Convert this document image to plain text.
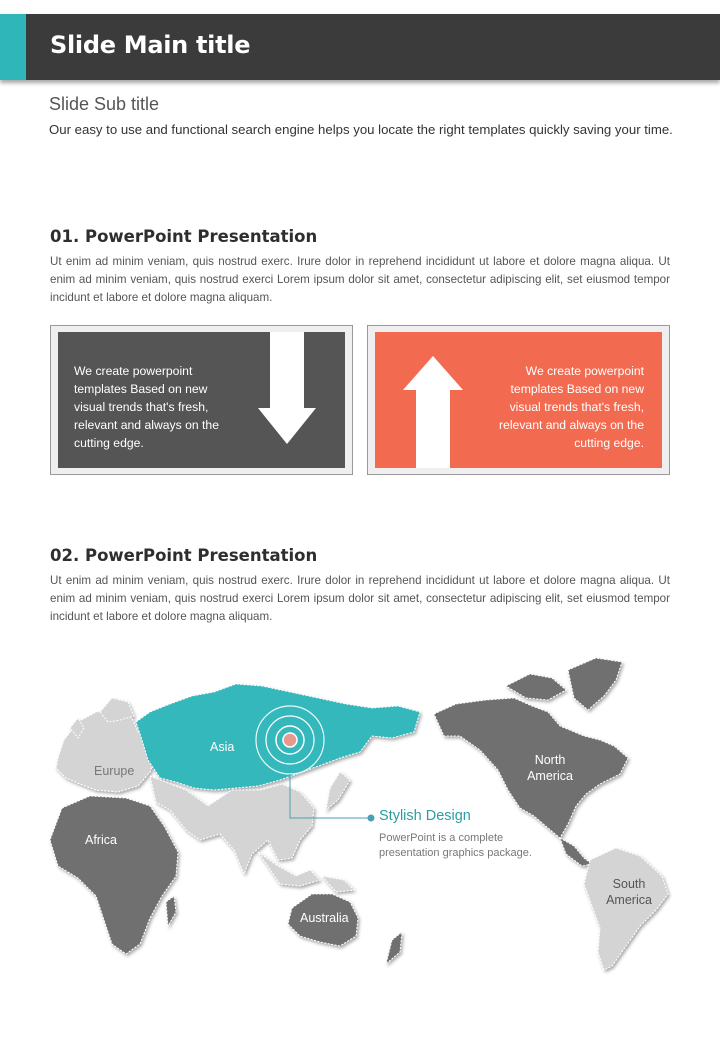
Slide Main title
Slide Sub title
Our easy to use and functional search engine helps you locate the right templates quickly saving your time.
01. PowerPoint Presentation
Ut enim ad minim veniam, quis nostrud exerc. Irure dolor in reprehend incididunt ut labore et dolore magna aliqua. Ut enim ad minim veniam, quis nostrud exerci Lorem ipsum dolor sit amet, consectetur adipiscing elit, set eiusmod tempor incidunt et labore et dolore magna aliquam.
We create powerpoint
templates Based on new
visual trends that's fresh,
relevant and always on the
cutting edge.
We create powerpoint
templates Based on new
visual trends that's fresh,
relevant and always on the
cutting edge.
02. PowerPoint Presentation
Ut enim ad minim veniam, quis nostrud exerc. Irure dolor in reprehend incididunt ut labore et dolore magna aliqua. Ut enim ad minim veniam, quis nostrud exerci Lorem ipsum dolor sit amet, consectetur adipiscing elit, set eiusmod tempor incidunt et labore et dolore magna aliquam.
Asia
Eurupe
Africa
Australia
North
America
South
America
Stylish Design
PowerPoint is a complete
presentation graphics package.
